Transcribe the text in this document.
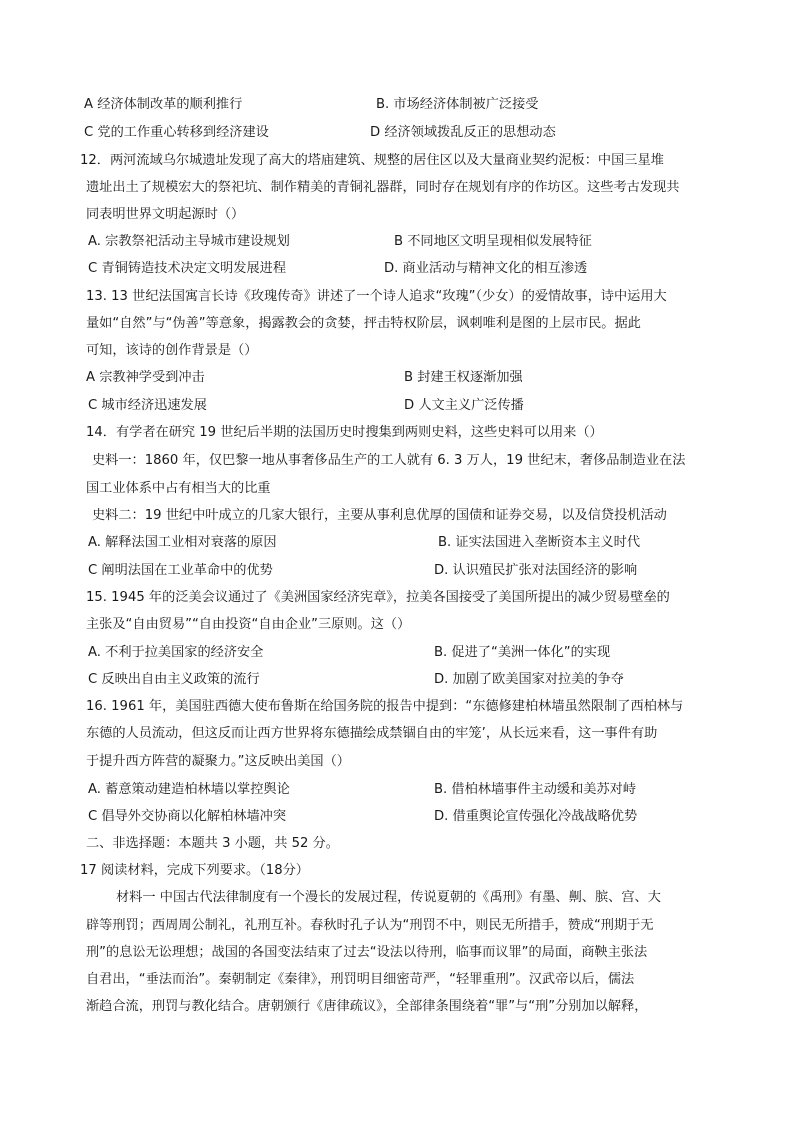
A 经济体制改革的顺利推行	B. 市场经济体制被广泛接受
C 党的工作重心转移到经济建设	D 经济领域拨乱反正的思想动态
12．两河流域乌尔城遗址发现了高大的塔庙建筑、规整的居住区以及大量商业契约泥板：中国三星堆
遗址出土了规模宏大的祭祀坑、制作精美的青铜礼器群，同时存在规划有序的作坊区。这些考古发现共
同表明世界文明起源时（）
A. 宗教祭祀活动主导城市建设规划	B 不同地区文明呈现相似发展特征
C 青铜铸造技术决定文明发展进程	D. 商业活动与精神文化的相互渗透
13. 13 世纪法国寓言长诗《玫瑰传奇》讲述了一个诗人追求“玫瑰”（少女）的爱情故事，诗中运用大
量如“自然”与“伪善”等意象，揭露教会的贪婪，抨击特权阶层，讽刺唯利是图的上层市民。据此
可知，该诗的创作背景是（）
A 宗教神学受到冲击	B 封建王权逐渐加强
C 城市经济迅速发展	D 人文主义广泛传播
14．有学者在研究 19 世纪后半期的法国历史时搜集到两则史料，这些史料可以用来（）
史料一：1860 年，仅巴黎一地从事奢侈品生产的工人就有 6. 3 万人，19 世纪末，奢侈品制造业在法
国工业体系中占有相当大的比重
史料二：19 世纪中叶成立的几家大银行，主要从事利息优厚的国债和证券交易，以及信贷投机活动
A. 解释法国工业相对衰落的原因	B. 证实法国进入垄断资本主义时代
C 阐明法国在工业革命中的优势	D. 认识殖民扩张对法国经济的影响
15. 1945 年的泛美会议通过了《美洲国家经济宪章》，拉美各国接受了美国所提出的减少贸易壁垒的
主张及“自由贸易”“自由投资“自由企业”三原则。这（）
A. 不利于拉美国家的经济安全	B. 促进了“美洲一体化”的实现
C 反映出自由主义政策的流行	D. 加剧了欧美国家对拉美的争夺
16. 1961 年，美国驻西德大使布鲁斯在给国务院的报告中提到：“东德修建柏林墙虽然限制了西柏林与
东德的人员流动，但这反而让西方世界将东德描绘成禁锢自由的牢笼’，从长远来看，这一事件有助
于提升西方阵营的凝聚力。”这反映出美国（）
A. 蓄意策动建造柏林墙以掌控舆论	B. 借柏林墙事件主动缓和美苏对峙
C 倡导外交协商以化解柏林墙冲突	D. 借重舆论宣传强化冷战战略优势
二、非选择题：本题共 3 小题，共 52 分。
17 阅读材料，完成下列要求。（18分）
材料一 中国古代法律制度有一个漫长的发展过程，传说夏朝的《禹刑》有墨、劓、膑、宫、大
辟等刑罚；西周周公制礼，礼刑互补。春秋时孔子认为“刑罚不中，则民无所措手，赞成“刑期于无
刑”的息讼无讼理想；战国的各国变法结束了过去“设法以待刑，临事而议罪”的局面，商鞅主张法
自君出，“垂法而治”。秦朝制定《秦律》，刑罚明目细密苛严，“轻罪重刑”。汉武帝以后，儒法
渐趋合流，刑罚与教化结合。唐朝颁行《唐律疏议》，全部律条围绕着“罪”与“刑”分别加以解释，
